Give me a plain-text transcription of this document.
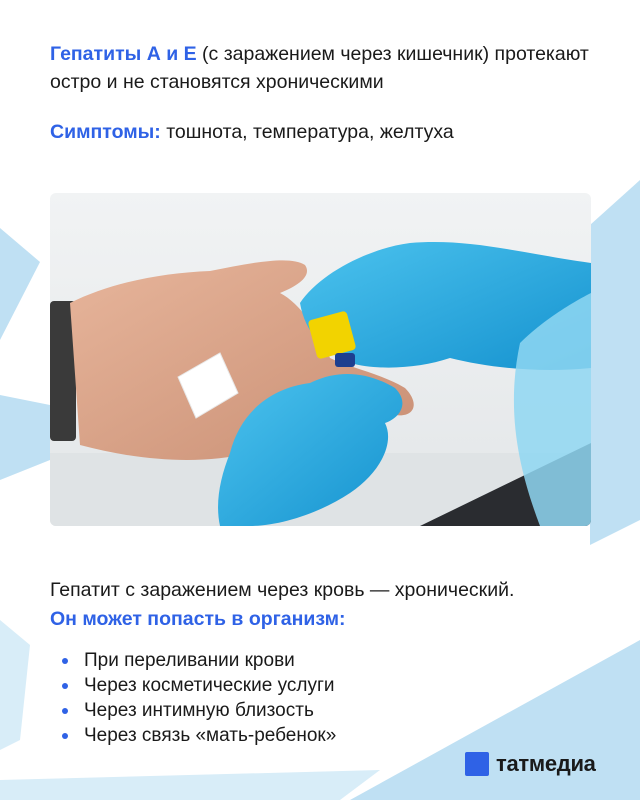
Гепатиты А и Е (с заражением через кишечник) протекают остро и не становятся хроническими

Симптомы: тошнота, температура, желтуха

Гепатит с заражением через кровь — хронический.

Он может попасть в организм:

При переливании крови
Через косметические услуги
Через интимную близость
Через связь «мать-ребенок»
татмедиа
